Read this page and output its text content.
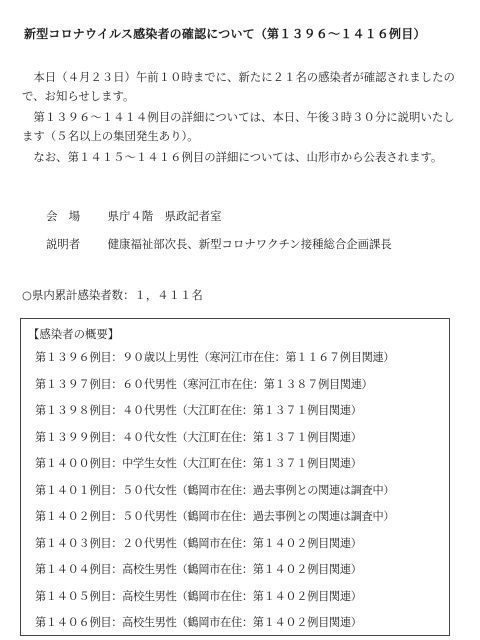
新型コロナウイルス感染者の確認について（第１３９６～１４１６例目）

　本日（４月２３日）午前１０時までに、新たに２１名の感染者が確認されましたので、お知らせします。

　第１３９６～１４１４例目の詳細については、本日、午後３時３０分に説明いたします（５名以上の集団発生あり）。

　なお、第１４１５～１４１６例目の詳細については、山形市から公表されます。

会　場 県庁４階　県政記者室
説明者 健康福祉部次長、新型コロナワクチン接種総合企画課長
○県内累計感染者数：１，４１１名
【感染者の概要】
第１３９６例目：９０歳以上男性（寒河江市在住：第１１６７例目関連）
第１３９７例目：６０代男性（寒河江市在住：第１３８７例目関連）
第１３９８例目：４０代男性（大江町在住：第１３７１例目関連）
第１３９９例目：４０代女性（大江町在住：第１３７１例目関連）
第１４００例目：中学生女性（大江町在住：第１３７１例目関連）
第１４０１例目：５０代女性（鶴岡市在住：過去事例との関連は調査中）
第１４０２例目：５０代男性（鶴岡市在住：過去事例との関連は調査中）
第１４０３例目：２０代男性（鶴岡市在住：第１４０２例目関連）
第１４０４例目：高校生男性（鶴岡市在住：第１４０２例目関連）
第１４０５例目：高校生男性（鶴岡市在住：第１４０２例目関連）
第１４０６例目：高校生男性（鶴岡市在住：第１４０２例目関連）
